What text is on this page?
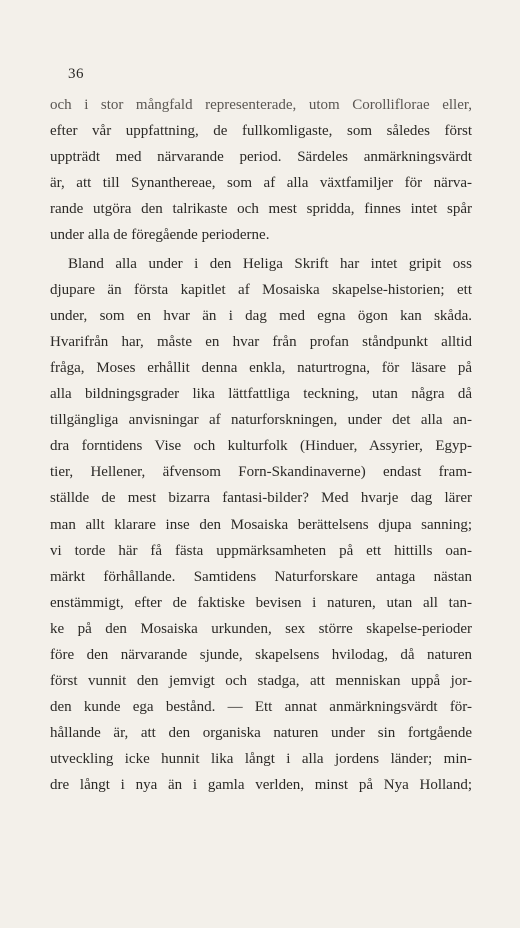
36
och i stor mångfald representerade, utom Corolliflorae eller,
efter vår uppfattning, de fullkomligaste, som således först
uppträdt med närvarande period. Särdeles anmärkningsvärdt
är, att till Synanthereae, som af alla växtfamiljer för närva-
rande utgöra den talrikaste och mest spridda, finnes intet spår
under alla de föregående perioderne.
Bland alla under i den Heliga Skrift har intet gripit oss
djupare än första kapitlet af Mosaiska skapelse-historien; ett
under, som en hvar än i dag med egna ögon kan skåda.
Hvarifrån har, måste en hvar från profan ståndpunkt alltid
fråga, Moses erhållit denna enkla, naturtrogna, för läsare på
alla bildningsgrader lika lättfattliga teckning, utan några då
tillgängliga anvisningar af naturforskningen, under det alla an-
dra forntidens Vise och kulturfolk (Hinduer, Assyrier, Egyp-
tier, Hellener, äfvensom Forn-Skandinaverne) endast fram-
ställde de mest bizarra fantasi-bilder? Med hvarje dag lärer
man allt klarare inse den Mosaiska berättelsens djupa sanning;
vi torde här få fästa uppmärksamheten på ett hittills oan-
märkt förhållande. Samtidens Naturforskare antaga nästan
enstämmigt, efter de faktiske bevisen i naturen, utan all tan-
ke på den Mosaiska urkunden, sex större skapelse-perioder
före den närvarande sjunde, skapelsens hvilodag, då naturen
först vunnit den jemvigt och stadga, att menniskan uppå jor-
den kunde ega bestånd. — Ett annat anmärkningsvärdt för-
hållande är, att den organiska naturen under sin fortgående
utveckling icke hunnit lika långt i alla jordens länder; min-
dre långt i nya än i gamla verlden, minst på Nya Holland;
